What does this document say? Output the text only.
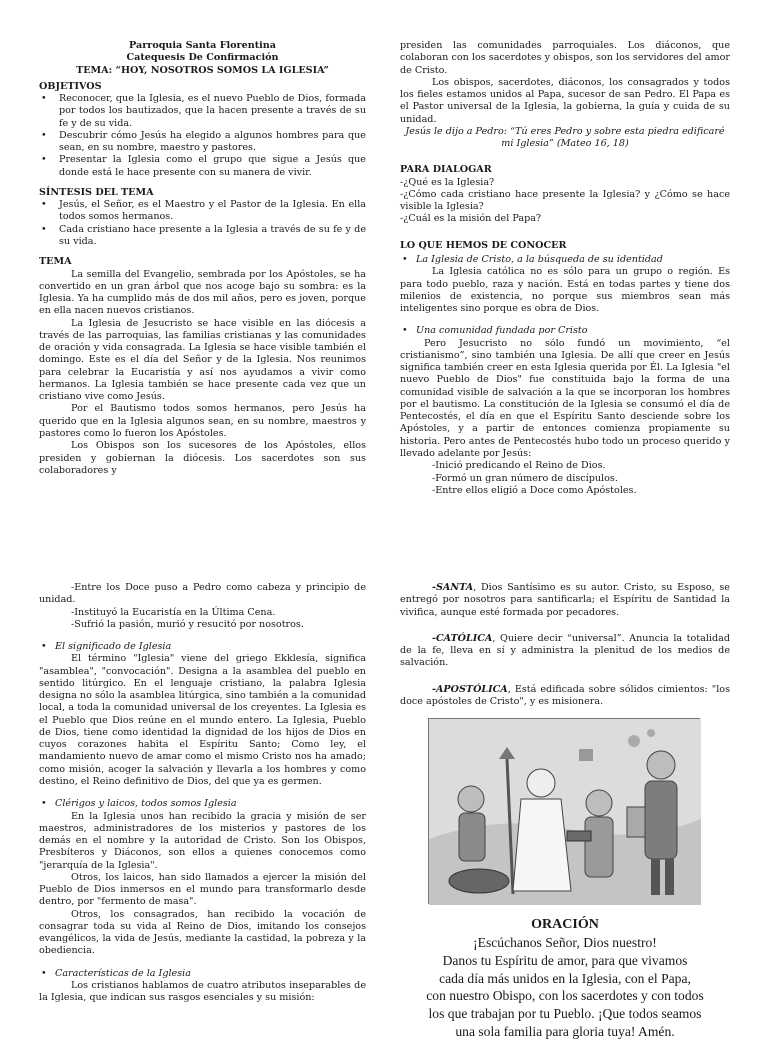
Parroquia Santa Florentina
Catequesis De Confirmación
TEMA: “HOY, NOSOTROS SOMOS LA IGLESIA”
OBJETIVOS
• Reconocer, que la Iglesia, es el nuevo Pueblo de Dios, formada por todos los bautizados, que la hacen presente a través de su fe y de su vida.
• Descubrir cómo Jesús ha elegido a algunos hombres para que sean, en su nombre, maestro y pastores.
• Presentar la Iglesia como el grupo que sigue a Jesús que donde está le hace presente con su manera de vivir.
SÍNTESIS DEL TEMA
• Jesús, el Señor, es el Maestro y el Pastor de la Iglesia. En ella todos somos hermanos.
• Cada cristiano hace presente a la Iglesia a través de su fe y de su vida.
TEMA

La semilla del Evangelio, sembrada por los Apóstoles, se ha convertido en un gran árbol que nos acoge bajo su sombra: es la Iglesia. Ya ha cumplido más de dos mil años, pero es joven, porque en ella nacen nuevos cristianos.

La Iglesia de Jesucristo se hace visible en las diócesis a través de las parroquias, las familias cristianas y las comunidades de oración y vida consagrada. La Iglesia se hace visible también el domingo. Este es el día del Señor y de la Iglesia. Nos reunimos para celebrar la Eucaristía y así nos ayudamos a vivir como hermanos. La Iglesia también se hace presente cada vez que un cristiano vive como Jesús.

Por el Bautismo todos somos hermanos, pero Jesús ha querido que en la Iglesia algunos sean, en su nombre, maestros y pastores como lo fueron los Apóstoles.

Los Obispos son los sucesores de los Apóstoles, ellos presiden y gobiernan la diócesis. Los sacerdotes son sus colaboradores y

presiden las comunidades parroquiales. Los diáconos, que colaboran con los sacerdotes y obispos, son los servidores del amor de Cristo.

Los obispos, sacerdotes, diáconos, los consagrados y todos los fieles estamos unidos al Papa, sucesor de san Pedro. El Papa es el Pastor universal de la Iglesia, la gobierna, la guía y cuida de su unidad.

Jesús le dijo a Pedro: “Tú eres Pedro y sobre esta piedra edificaré mi Iglesia” (Mateo 16, 18)

PARA DIALOGAR
-¿Qué es la Iglesia?
-¿Cómo cada cristiano hace presente la Iglesia? y ¿Cómo se hace visible la Iglesia?
-¿Cuál es la misión del Papa?
LO QUE HEMOS DE CONOCER
• La Iglesia de Cristo, a la búsqueda de su identidad

La Iglesia católica no es sólo para un grupo o región. Es para todo pueblo, raza y nación. Está en todas partes y tiene dos milenios de existencia, no porque sus miembros sean más inteligentes sino porque es obra de Dios.

• Una comunidad fundada por Cristo

Pero Jesucristo no sólo fundó un movimiento, “el cristianismo”, sino también una Iglesia. De allí que creer en Jesús significa también creer en esta Iglesia querida por Él. La Iglesia "el nuevo Pueblo de Dios" fue constituida bajo la forma de una comunidad visible de salvación a la que se incorporan los hombres por el bautismo. La constitución de la Iglesia se consumó el día de Pentecostés, el día en que el Espíritu Santo desciende sobre los Apóstoles, y a partir de entonces comienza propiamente su historia. Pero antes de Pentecostés hubo todo un proceso querido y llevado adelante por Jesús:

-Inició predicando el Reino de Dios.
-Formó un gran número de discípulos.
-Entre ellos eligió a Doce como Apóstoles.

-Entre los Doce puso a Pedro como cabeza y principio de unidad.

-Instituyó la Eucaristía en la Última Cena.

-Sufrió la pasión, murió y resucitó por nosotros.

• El significado de Iglesia

El término "Iglesia" viene del griego Ekklesía, significa "asamblea", "convocación". Designa a la asamblea del pueblo en sentido litúrgico. En el lenguaje cristiano, la palabra Iglesia designa no sólo la asamblea litúrgica, sino también a la comunidad local, a toda la comunidad universal de los creyentes. La Iglesia es el Pueblo que Dios reúne en el mundo entero. La Iglesia, Pueblo de Dios, tiene como identidad la dignidad de los hijos de Dios en cuyos corazones habita el Espíritu Santo; Como ley, el mandamiento nuevo de amar como el mismo Cristo nos ha amado; como misión, acoger la salvación y llevarla a los hombres y como destino, el Reino definitivo de Dios, del que ya es germen.

• Clérigos y laicos, todos somos Iglesia

En la Iglesia unos han recibido la gracia y misión de ser maestros, administradores de los misterios y pastores de los demás en el nombre y la autoridad de Cristo. Son los Obispos, Presbíteros y Diáconos, son ellos a quienes conocemos como "jerarquía de la Iglesia".

Otros, los laicos, han sido llamados a ejercer la misión del Pueblo de Dios inmersos en el mundo para transformarlo desde dentro, por "fermento de masa".

Otros, los consagrados, han recibido la vocación de consagrar toda su vida al Reino de Dios, imitando los consejos evangélicos, la vida de Jesús, mediante la castidad, la pobreza y la obediencia.

• Características de la Iglesia

Los cristianos hablamos de cuatro atributos inseparables de la Iglesia, que indican sus rasgos esenciales y su misión:

-SANTA, Dios Santísimo es su autor. Cristo, su Esposo, se entregó por nosotros para santificarla; el Espíritu de Santidad la vivifica, aunque esté formada por pecadores.

-CATÓLICA, Quiere decir “universal”. Anuncia la totalidad de la fe, lleva en sí y administra la plenitud de los medios de salvación.

-APOSTÓLICA, Está edificada sobre sólidos cimientos: "los doce apóstoles de Cristo", y es misionera.

ORACIÓN
¡Escúchanos Señor, Dios nuestro!
Danos tu Espíritu de amor, para que vivamos
cada día más unidos en la Iglesia, con el Papa,
con nuestro Obispo, con los sacerdotes y con todos
los que trabajan por tu Pueblo. ¡Que todos seamos
una sola familia para gloria tuya! Amén.
